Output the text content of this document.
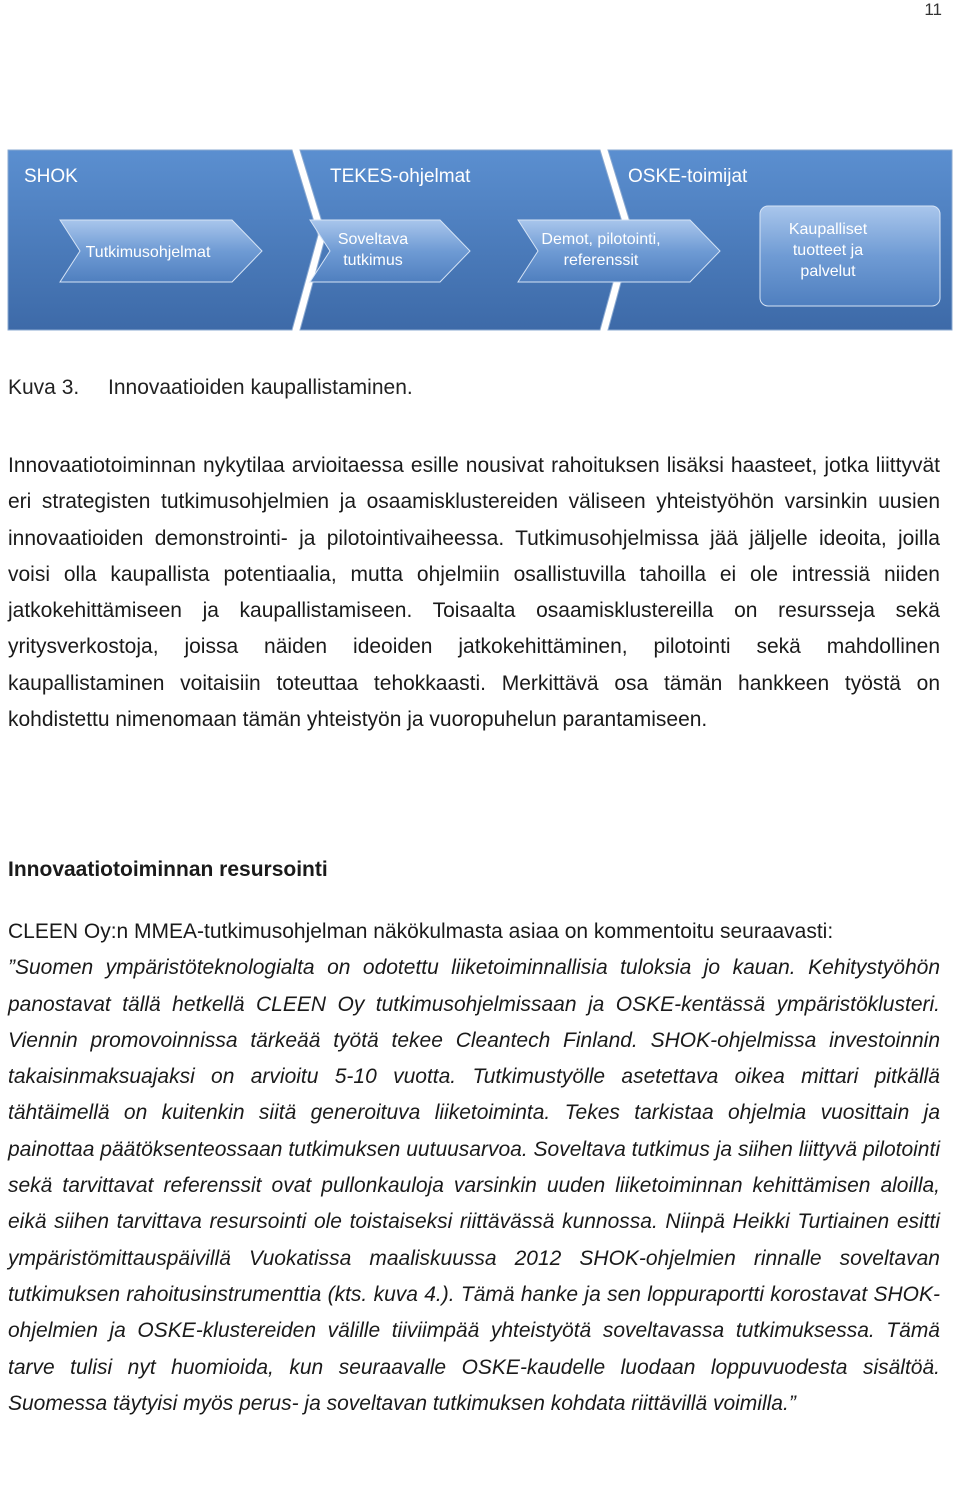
11
SHOK	TEKES-ohjelmat	OSKE-toimijat
Tutkimusohjelmat
Soveltava
tutkimus
Demot, pilotointi,
referenssit
Kaupalliset
tuotteet ja
palvelut
Kuva 3. Innovaatioiden kaupallistaminen.
Innovaatiotoiminnan nykytilaa arvioitaessa esille nousivat rahoituksen lisäksi haasteet, jotka liittyvät eri strategisten tutkimusohjelmien ja osaamisklustereiden väliseen yhteistyöhön varsinkin uusien innovaatioiden demonstrointi- ja pilotointivaiheessa. Tutkimusohjelmissa jää jäljelle ideoita, joilla voisi olla kaupallista potentiaalia, mutta ohjelmiin osallistuvilla tahoilla ei ole intressiä niiden jatkokehittämiseen ja kaupallistamiseen. Toisaalta osaamisklustereilla on resursseja sekä yritysverkostoja, joissa näiden ideoiden jatkokehittäminen, pilotointi sekä mahdollinen kaupallistaminen voitaisiin toteuttaa tehokkaasti. Merkittävä osa tämän hankkeen työstä on kohdistettu nimenomaan tämän yhteistyön ja vuoropuhelun parantamiseen.
Innovaatiotoiminnan resursointi
CLEEN Oy:n MMEA-tutkimusohjelman näkökulmasta asiaa on kommentoitu seuraavasti:
”Suomen ympäristöteknologialta on odotettu liiketoiminnallisia tuloksia jo kauan. Kehitystyöhön panostavat tällä hetkellä CLEEN Oy tutkimusohjelmissaan ja OSKE-kentässä ympäristöklusteri. Viennin promovoinnissa tärkeää työtä tekee Cleantech Finland. SHOK-ohjelmissa investoinnin takaisinmaksuajaksi on arvioitu 5-10 vuotta. Tutkimustyölle asetettava oikea mittari pitkällä tähtäimellä on kuitenkin siitä generoituva liiketoiminta. Tekes tarkistaa ohjelmia vuosittain ja painottaa päätöksenteossaan tutkimuksen uutuusarvoa. Soveltava tutkimus ja siihen liittyvä pilotointi sekä tarvittavat referenssit ovat pullonkauloja varsinkin uuden liiketoiminnan kehittämisen aloilla, eikä siihen tarvittava resursointi ole toistaiseksi riittävässä kunnossa. Niinpä Heikki Turtiainen esitti ympäristömittauspäivillä Vuokatissa maaliskuussa 2012 SHOK-ohjelmien rinnalle soveltavan tutkimuksen rahoitusinstrumenttia (kts. kuva 4.). Tämä hanke ja sen loppuraportti korostavat SHOK-ohjelmien ja OSKE-klustereiden välille tiiviimpää yhteistyötä soveltavassa tutkimuksessa. Tämä tarve tulisi nyt huomioida, kun seuraavalle OSKE-kaudelle luodaan loppuvuodesta sisältöä. Suomessa täytyisi myös perus- ja soveltavan tutkimuksen kohdata riittävillä voimilla.”
